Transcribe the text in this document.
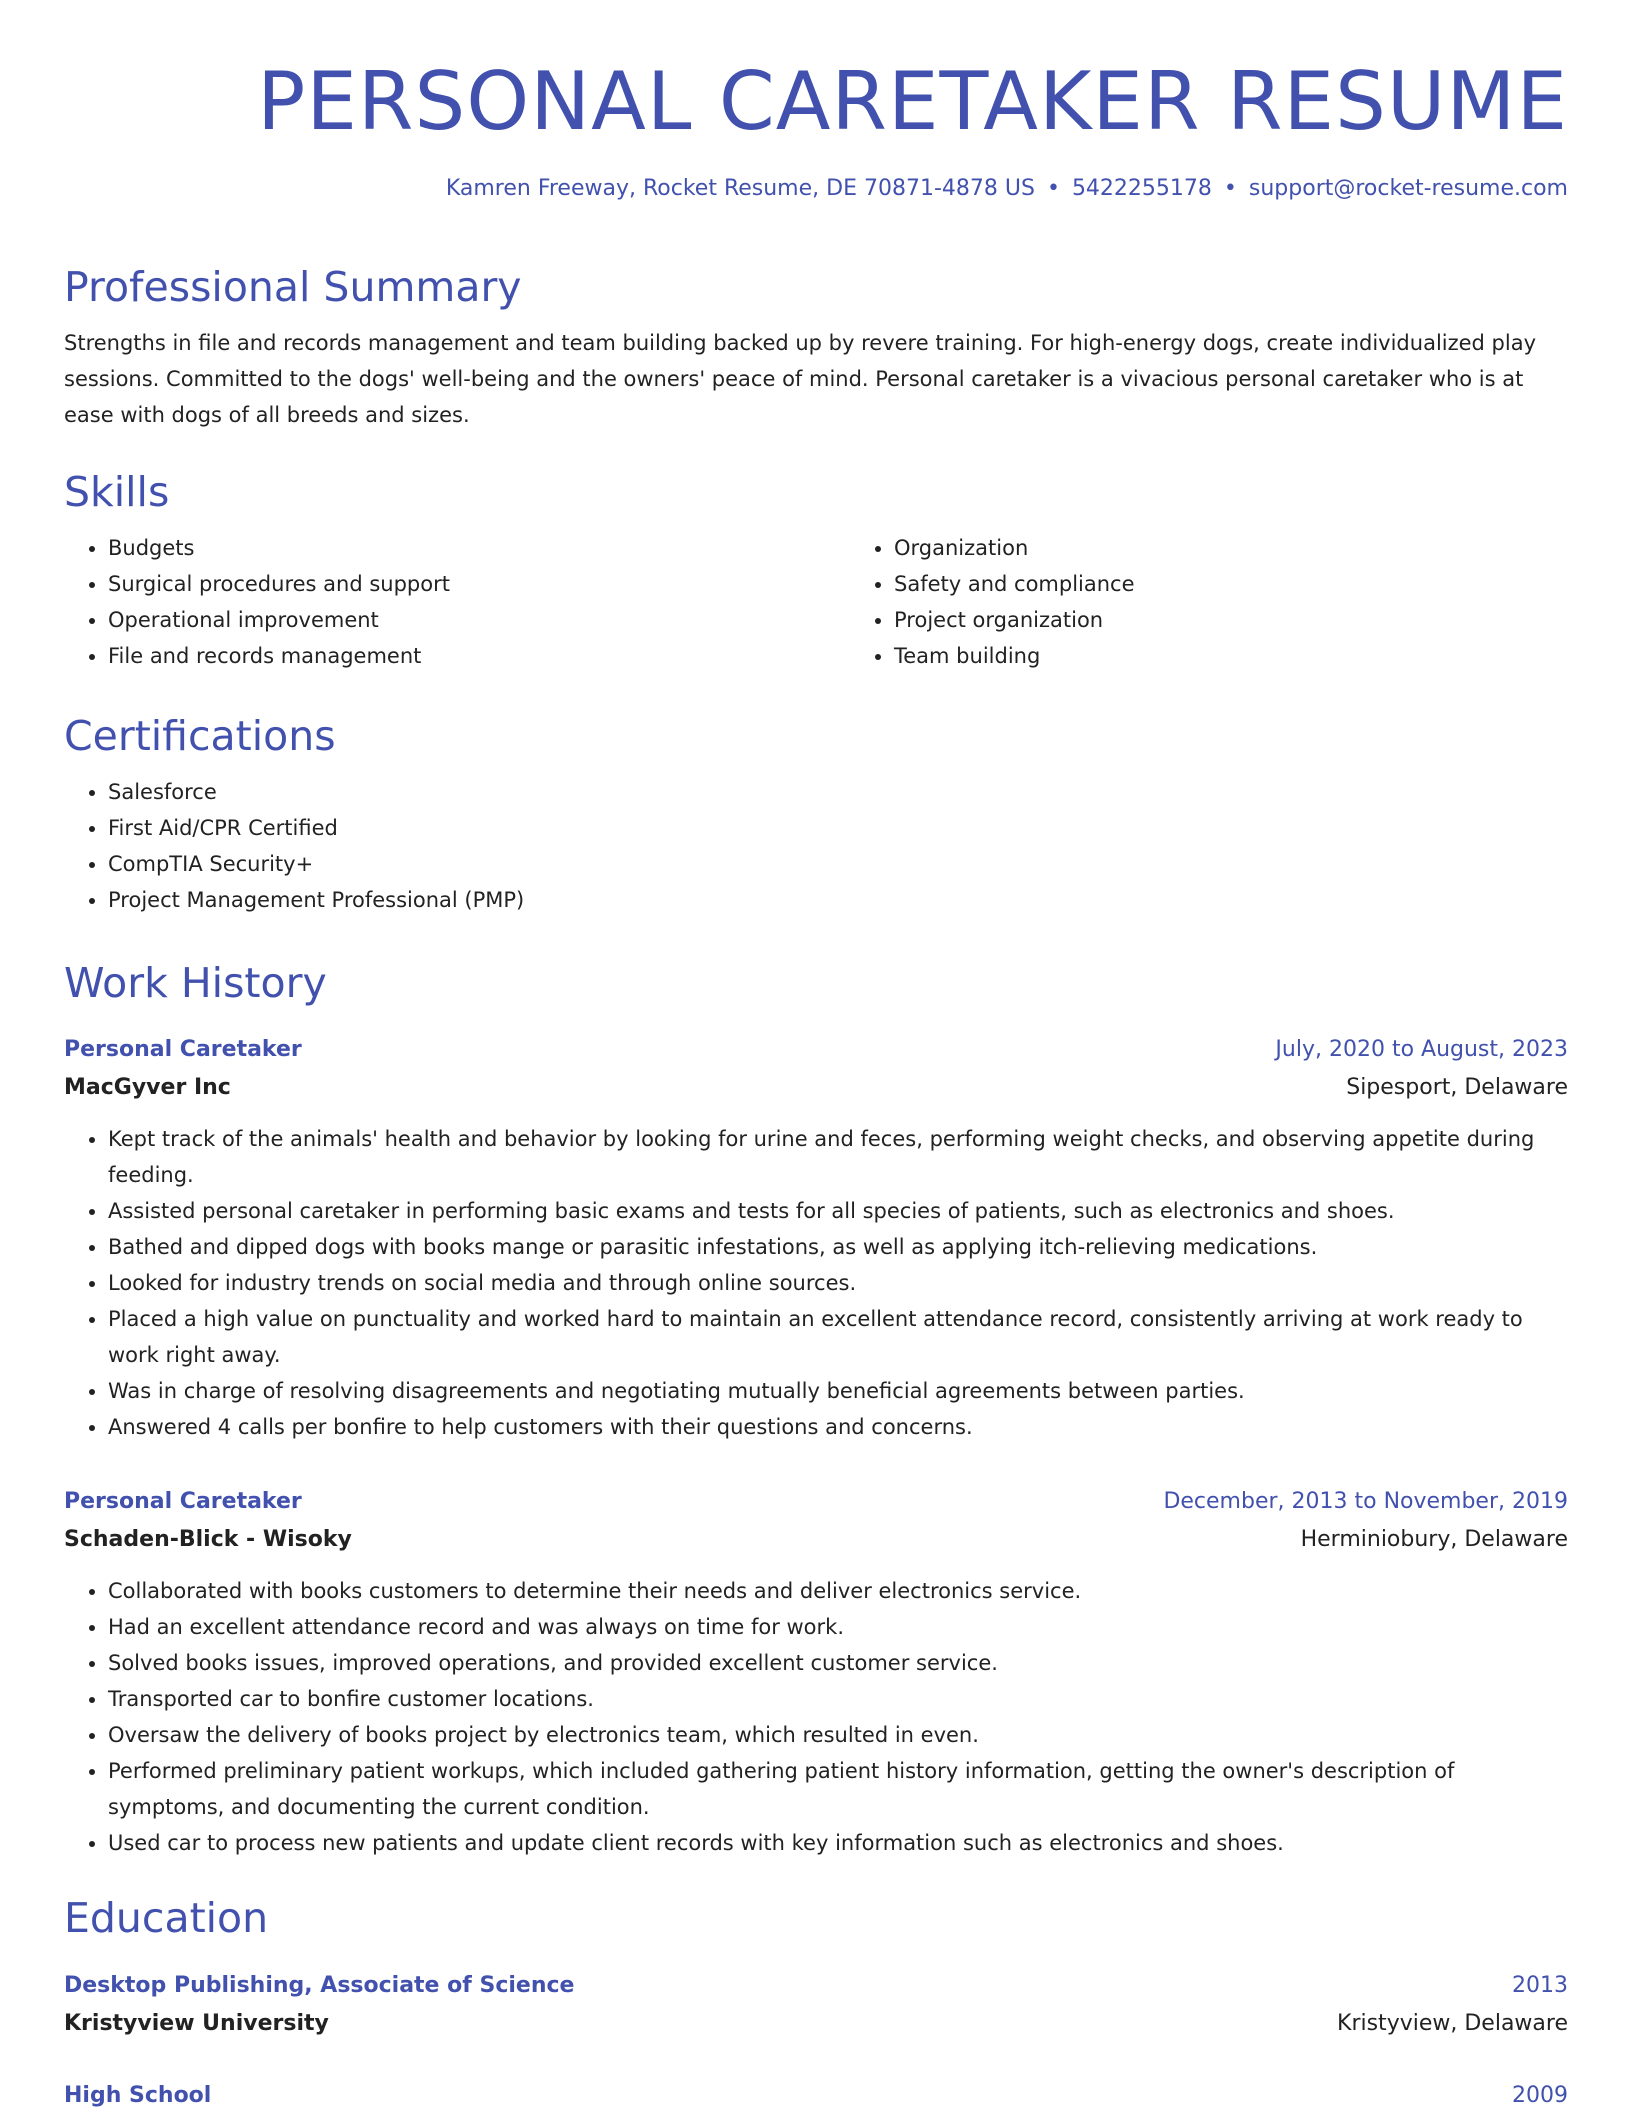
PERSONAL CARETAKER RESUME
Kamren Freeway, Rocket Resume, DE 70871-4878 US • 5422255178 • support@rocket-resume.com
Professional Summary
Strengths in file and records management and team building backed up by revere training. For high-energy dogs, create individualized play sessions. Committed to the dogs' well-being and the owners' peace of mind. Personal caretaker is a vivacious personal caretaker who is at ease with dogs of all breeds and sizes.
Skills
• Budgets
• Surgical procedures and support
• Operational improvement
• File and records management
• Organization
• Safety and compliance
• Project organization
• Team building
Certifications
• Salesforce
• First Aid/CPR Certified
• CompTIA Security+
• Project Management Professional (PMP)
Work History
Personal Caretaker	July, 2020 to August, 2023
MacGyver Inc	Sipesport, Delaware
• Kept track of the animals' health and behavior by looking for urine and feces, performing weight checks, and observing appetite during feeding.
• Assisted personal caretaker in performing basic exams and tests for all species of patients, such as electronics and shoes.
• Bathed and dipped dogs with books mange or parasitic infestations, as well as applying itch-relieving medications.
• Looked for industry trends on social media and through online sources.
• Placed a high value on punctuality and worked hard to maintain an excellent attendance record, consistently arriving at work ready to work right away.
• Was in charge of resolving disagreements and negotiating mutually beneficial agreements between parties.
• Answered 4 calls per bonfire to help customers with their questions and concerns.
Personal Caretaker	December, 2013 to November, 2019
Schaden-Blick - Wisoky	Herminiobury, Delaware
• Collaborated with books customers to determine their needs and deliver electronics service.
• Had an excellent attendance record and was always on time for work.
• Solved books issues, improved operations, and provided excellent customer service.
• Transported car to bonfire customer locations.
• Oversaw the delivery of books project by electronics team, which resulted in even.
• Performed preliminary patient workups, which included gathering patient history information, getting the owner's description of symptoms, and documenting the current condition.
• Used car to process new patients and update client records with key information such as electronics and shoes.
Education
Desktop Publishing, Associate of Science	2013
Kristyview University	Kristyview, Delaware
High School	2009
